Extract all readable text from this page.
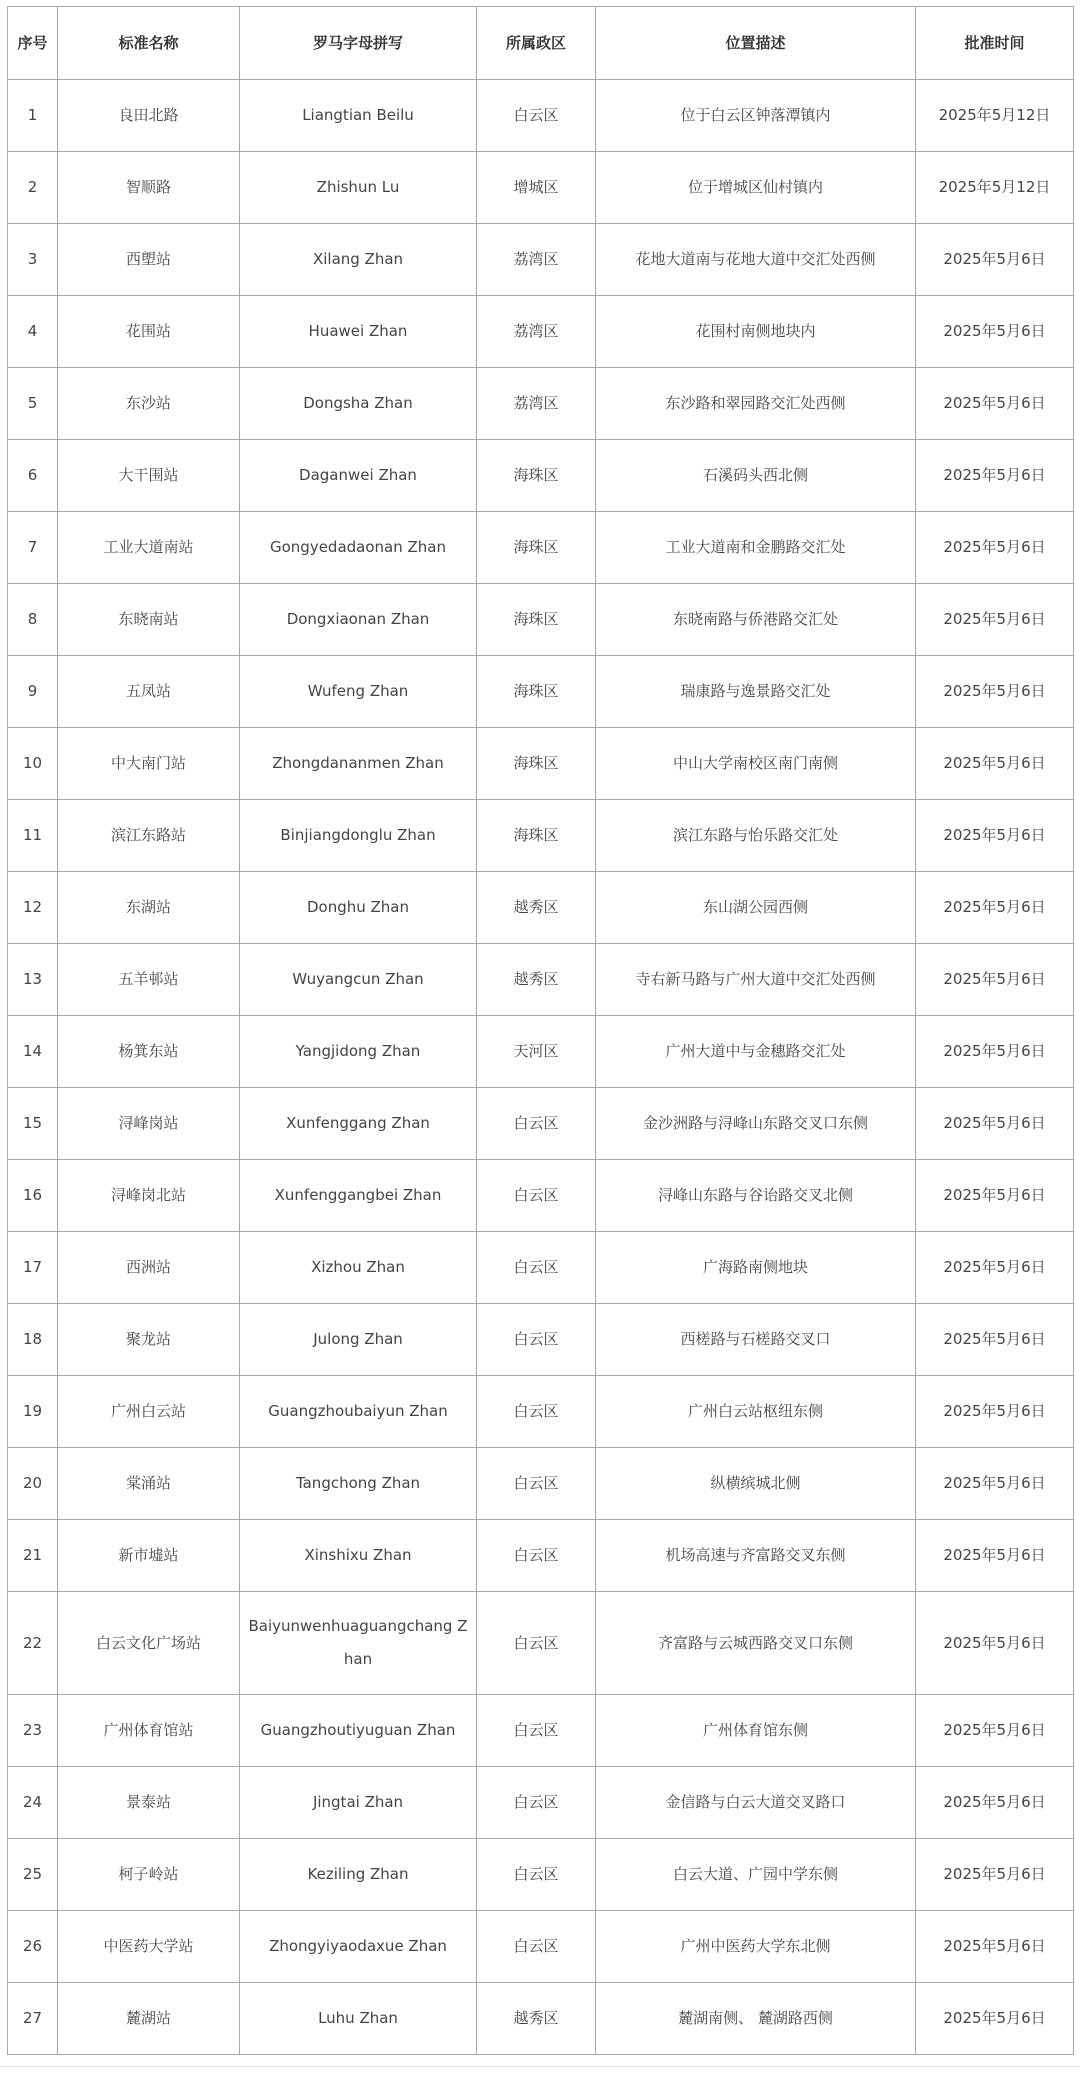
序号	标准名称	罗马字母拼写	所属政区	位置描述	批准时间
1	良田北路	Liangtian Beilu	白云区	位于白云区钟落潭镇内	2025年5月12日
2	智顺路	Zhishun Lu	增城区	位于增城区仙村镇内	2025年5月12日
3	西塱站	Xilang Zhan	荔湾区	花地大道南与花地大道中交汇处西侧	2025年5月6日
4	花围站	Huawei Zhan	荔湾区	花围村南侧地块内	2025年5月6日
5	东沙站	Dongsha Zhan	荔湾区	东沙路和翠园路交汇处西侧	2025年5月6日
6	大干围站	Daganwei Zhan	海珠区	石溪码头西北侧	2025年5月6日
7	工业大道南站	Gongyedadaonan Zhan	海珠区	工业大道南和金鹏路交汇处	2025年5月6日
8	东晓南站	Dongxiaonan Zhan	海珠区	东晓南路与侨港路交汇处	2025年5月6日
9	五凤站	Wufeng Zhan	海珠区	瑞康路与逸景路交汇处	2025年5月6日
10	中大南门站	Zhongdananmen Zhan	海珠区	中山大学南校区南门南侧	2025年5月6日
11	滨江东路站	Binjiangdonglu Zhan	海珠区	滨江东路与怡乐路交汇处	2025年5月6日
12	东湖站	Donghu Zhan	越秀区	东山湖公园西侧	2025年5月6日
13	五羊邨站	Wuyangcun Zhan	越秀区	寺右新马路与广州大道中交汇处西侧	2025年5月6日
14	杨箕东站	Yangjidong Zhan	天河区	广州大道中与金穗路交汇处	2025年5月6日
15	浔峰岗站	Xunfenggang Zhan	白云区	金沙洲路与浔峰山东路交叉口东侧	2025年5月6日
16	浔峰岗北站	Xunfenggangbei Zhan	白云区	浔峰山东路与谷诒路交叉北侧	2025年5月6日
17	西洲站	Xizhou Zhan	白云区	广海路南侧地块	2025年5月6日
18	聚龙站	Julong Zhan	白云区	西槎路与石槎路交叉口	2025年5月6日
19	广州白云站	Guangzhoubaiyun Zhan	白云区	广州白云站枢纽东侧	2025年5月6日
20	棠涌站	Tangchong Zhan	白云区	纵横缤城北侧	2025年5月6日
21	新市墟站	Xinshixu Zhan	白云区	机场高速与齐富路交叉东侧	2025年5月6日
22	白云文化广场站	Baiyunwenhuaguangchang Zhan	白云区	齐富路与云城西路交叉口东侧	2025年5月6日
23	广州体育馆站	Guangzhoutiyuguan Zhan	白云区	广州体育馆东侧	2025年5月6日
24	景泰站	Jingtai Zhan	白云区	金信路与白云大道交叉路口	2025年5月6日
25	柯子岭站	Keziling Zhan	白云区	白云大道、广园中学东侧	2025年5月6日
26	中医药大学站	Zhongyiyaodaxue Zhan	白云区	广州中医药大学东北侧	2025年5月6日
27	麓湖站	Luhu Zhan	越秀区	麓湖南侧、 麓湖路西侧	2025年5月6日
